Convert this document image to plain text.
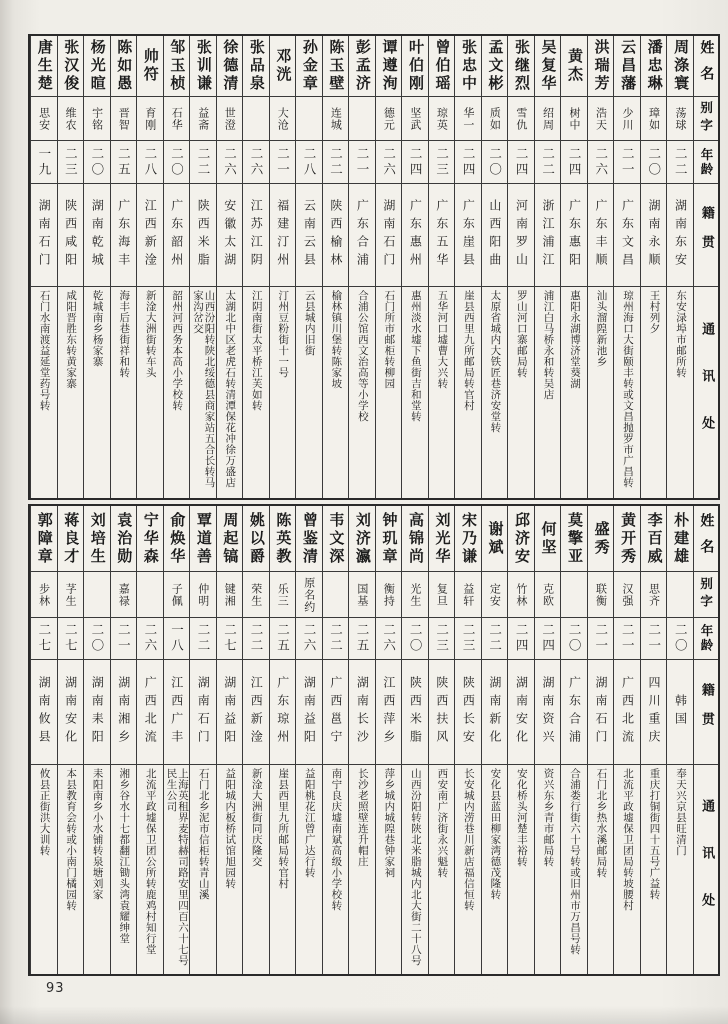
姓名
别字
年龄
籍贯
通讯处
周涤寰
荡球
二二
湖南东安
东安渌埠市邮所转
潘忠琳
璋如
二〇
湖南永顺
王村列夕
云昌藩
少川
二一
广东文昌
琼州海口大街颐丰转或文昌抛罗市广昌转
洪瑞芳
浩天
二六
广东丰顺
汕头溜隍新池乡
黄杰
树中
二四
广东惠阳
惠阳永湖博济堂葵湖
吴复华
绍周
二二
浙江浦江
浦江白马桥永和转吴店
张继烈
雪仇
二四
河南罗山
罗山河口寨邮局转
孟文彬
质如
二〇
山西阳曲
太原省城内大铁匠巷济安堂转
张忠中
华一
二四
广东崖县
崖县西里九所邮局转官村
曾伯瑶
琼英
二三
广东五华
五华河口墟曹大兴转
叶伯刚
坚武
二四
广东惠州
惠州淡水墟下鱼街吉和堂转
谭遵洵
德元
二六
湖南石门
石门所市邮柜转柳园
彭孟济
二一
广东合浦
合浦公馆西文治高等小学校
陈玉壁
连城
二二
陕西榆林
榆林镇川堡转陈家坡
孙金章
二八
云南云县
云县城内旧街
邓洸
大沧
二一
福建汀州
汀州豆粉街十一号
张品泉
二六
江苏江阴
江阴南街太平桥江芙如转
徐德清
世澄
二六
安徽太湖
太湖北中区老虎石转清潭保花冲徐万盛店
张训谦
益斋
二二
陕西米脂
山西汾阳转陕北绥德县商家站五合长转马家沟岔交
邹玉桢
石华
二〇
广东韶州
韶州河西务本高小学校转
帅符
育刚
二八
江西新淦
新淦大洲街转车头
陈如愚
晋智
二五
广东海丰
海丰后巷街祥和转
杨光暄
宇铭
二〇
湖南乾城
乾城南乡杨家寨
张汉俊
维农
二三
陕西咸阳
咸阳晋胜东转黄家寨
唐生楚
思安
一九
湖南石门
石门水南渡益延堂药号转
姓名
别字
年龄
籍贯
通讯处
朴建雄
二〇
韩国
奉天兴京县旺清门
李百威
思齐
二一
四川重庆
重庆打铜街四十五号广益转
黄开秀
汉强
二一
广西北流
北流平政墟保卫团局转坡腰村
盛秀
联衡
二一
湖南石门
石门北乡热水溪邮局转
莫擎亚
二〇
广东合浦
合浦娄行街六十号转或旧州市万昌号转
何坚
克欧
二四
湖南资兴
资兴东乡青市邮局转
邱济安
竹林
二四
湖南安化
安化桥头河楚丰裕转
谢斌
定安
二二
湖南新化
安化县蓝田柳家湾德茂隆转
宋乃谦
益轩
二三
陕西长安
长安城内涝巷川新店福信恒转
刘光华
复旦
二三
陕西扶风
西安南广济街永兴魁转
高锦尚
光生
二〇
陕西米脂
山西汾阳转陕北米脂城内北大街二十八号
钟玑章
衡持
二六
江西萍乡
萍乡城内城隍巷钟家祠
刘济瀛
国基
二五
湖南长沙
长沙老照壁连升帽庄
韦文深
二二
广西邕宁
南宁良庆墟南斌高级小学校转
曾鉴清
原名约
二六
湖南益阳
益阳桃花江曾广达行转
陈英教
乐三
二五
广东琼州
崖县西里九所邮局转官村
姚以爵
荣生
二二
江西新淦
新淦大洲街同庆隆交
周起镐
键湘
二七
湖南益阳
益阳城内板桥试馆旭园转
覃道善
仲明
二二
湖南石门
石门北乡泥市信柜转青山溪
俞焕华
子佩
一八
江西广丰
上海英租界麦特赫司路安里四百六十七号民生公司
宁华森
二六
广西北流
北流平政墟保卫团公所转鹿鸡村知行堂
袁治勋
嘉禄
二一
湖南湘乡
湘乡谷水十七都翻江锄头湾袁耀绅堂
刘培生
二〇
湖南耒阳
耒阳南乡小水铺转泉塘刘家
蒋良才
芓生
二七
湖南安化
本县教育会转或小南门橘园转
郭障章
步林
二七
湖南攸县
攸县正街洪大训转
93
